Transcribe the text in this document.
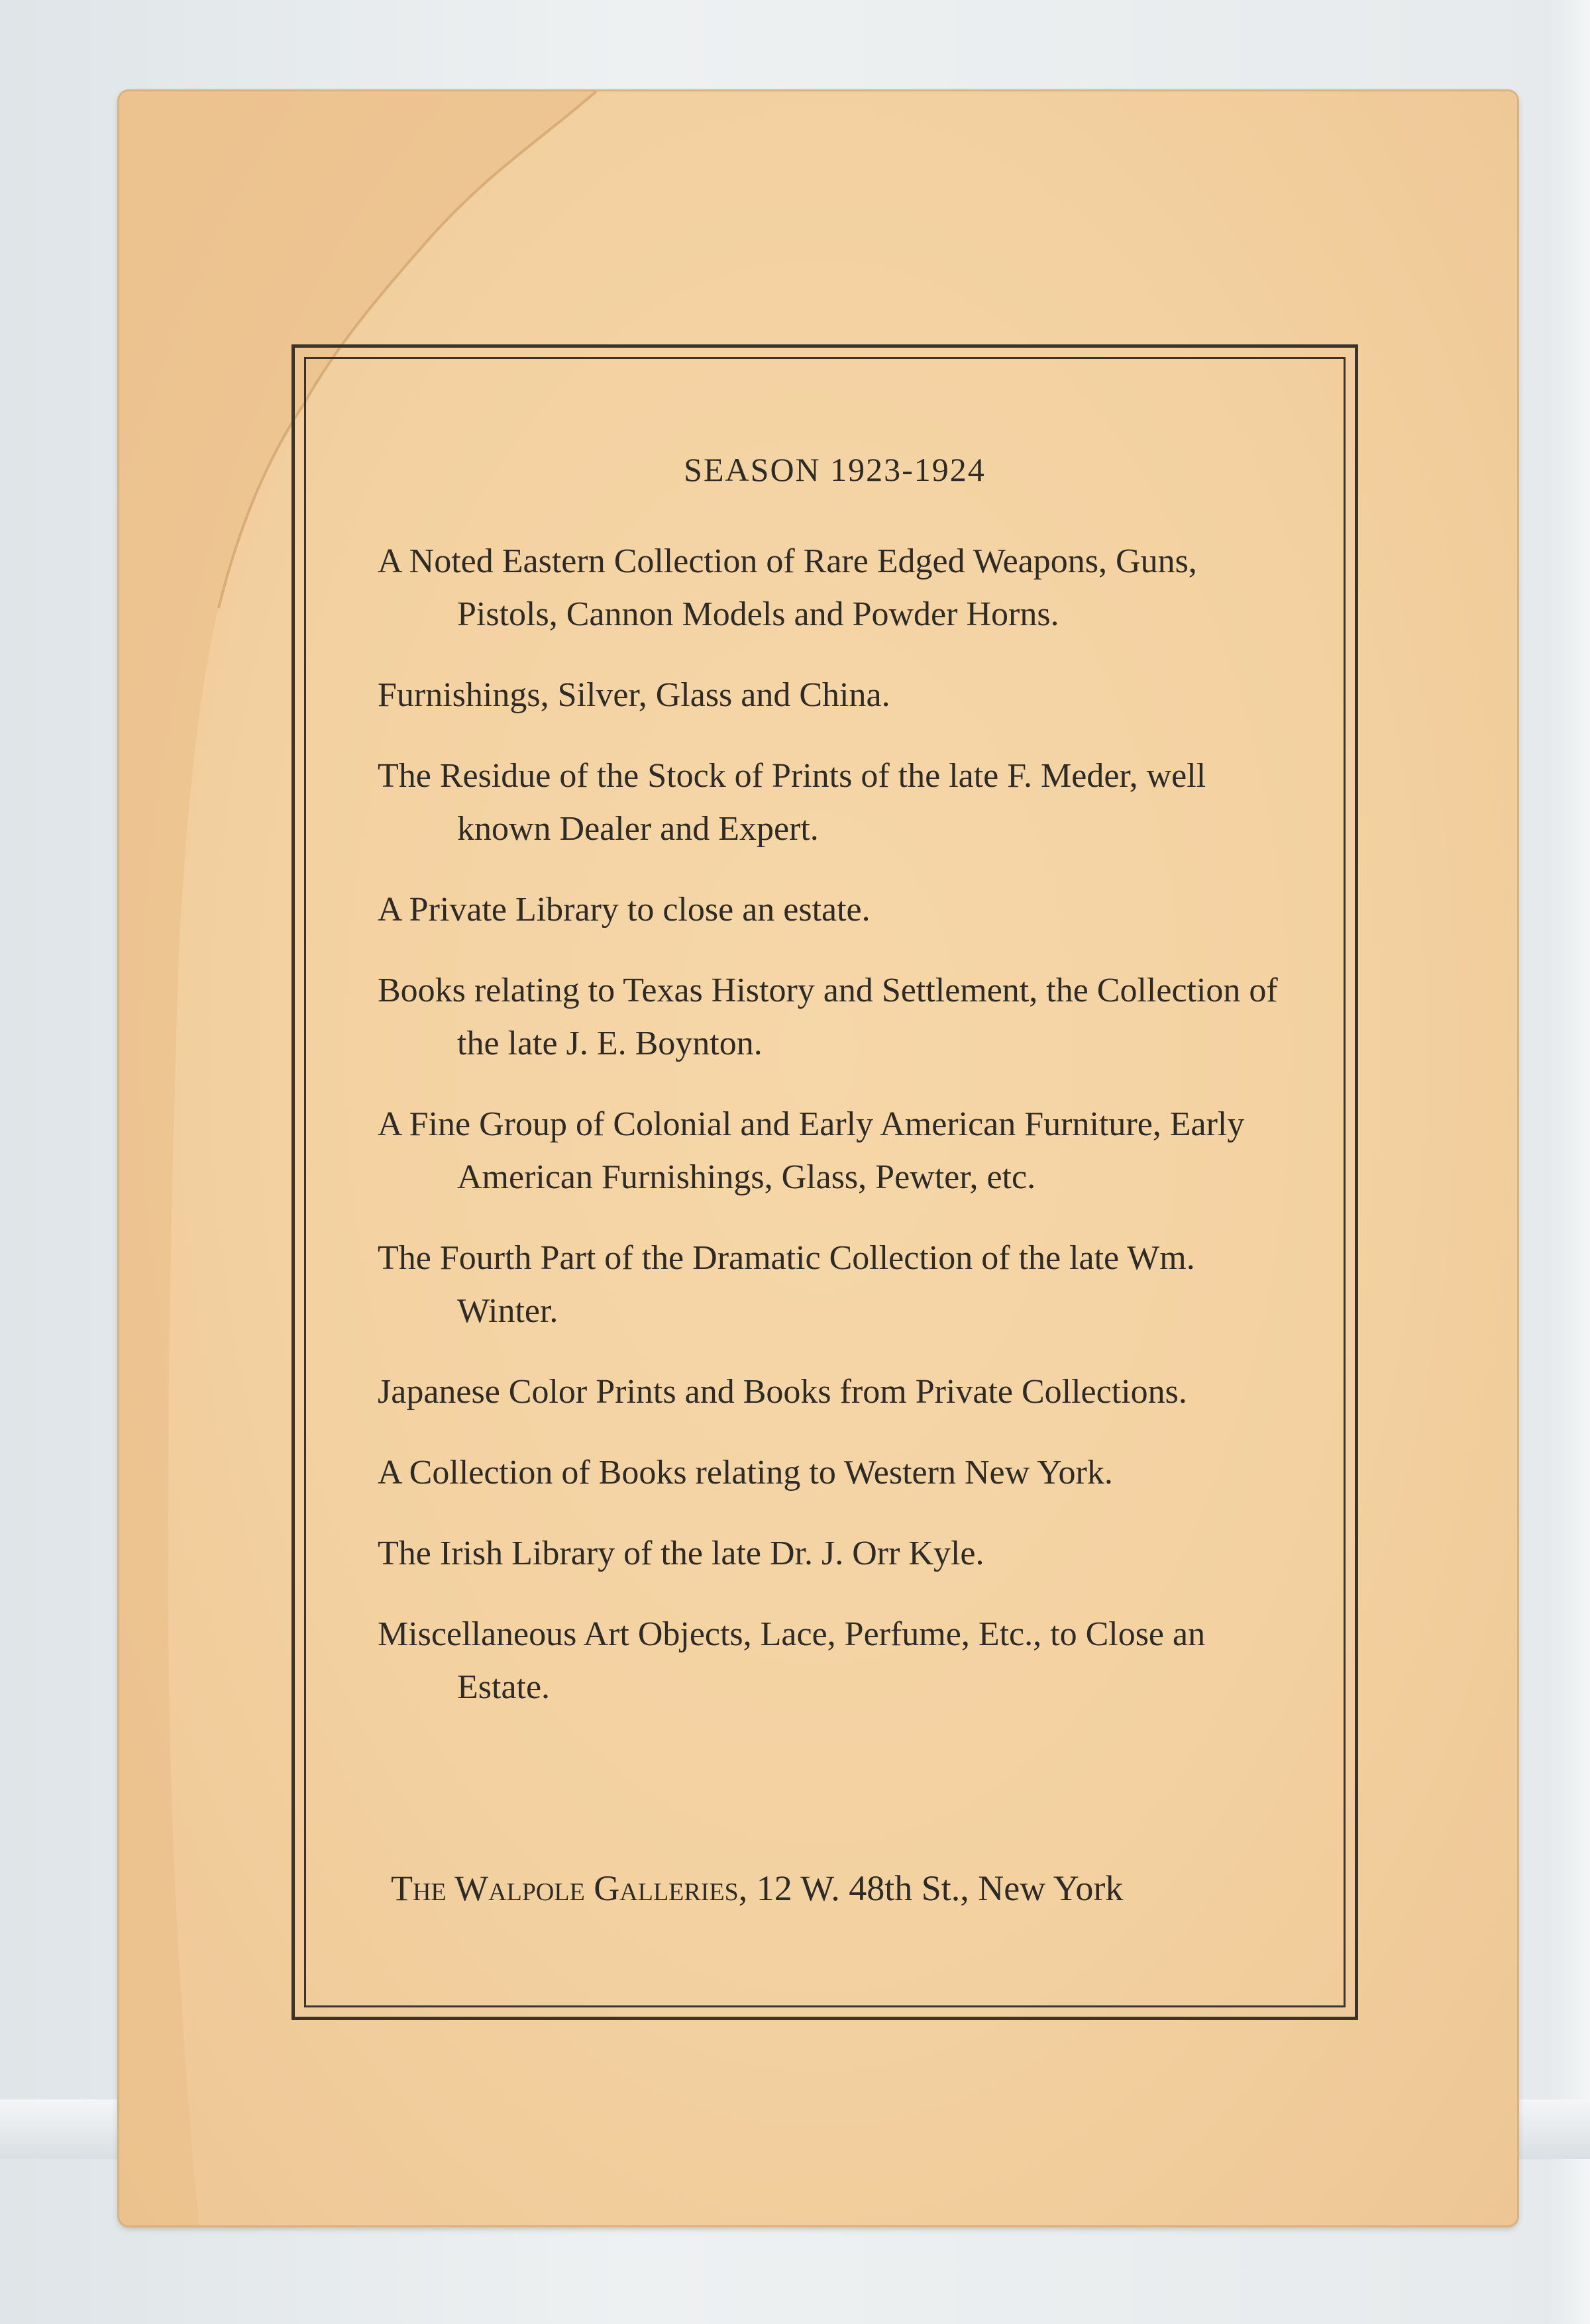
SEASON 1923-1924
A Noted Eastern Collection of Rare Edged Weapons, Guns, Pistols, Cannon Models and Powder Horns.
Furnishings, Silver, Glass and China.
The Residue of the Stock of Prints of the late F. Meder, well known Dealer and Expert.
A Private Library to close an estate.
Books relating to Texas History and Settlement, the Collection of the late J. E. Boynton.
A Fine Group of Colonial and Early American Furniture, Early American Furnishings, Glass, Pewter, etc.
The Fourth Part of the Dramatic Collection of the late Wm. Winter.
Japanese Color Prints and Books from Private Collections.
A Collection of Books relating to Western New York.
The Irish Library of the late Dr. J. Orr Kyle.
Miscellaneous Art Objects, Lace, Perfume, Etc., to Close an Estate.
The Walpole Galleries, 12 W. 48th St., New York
